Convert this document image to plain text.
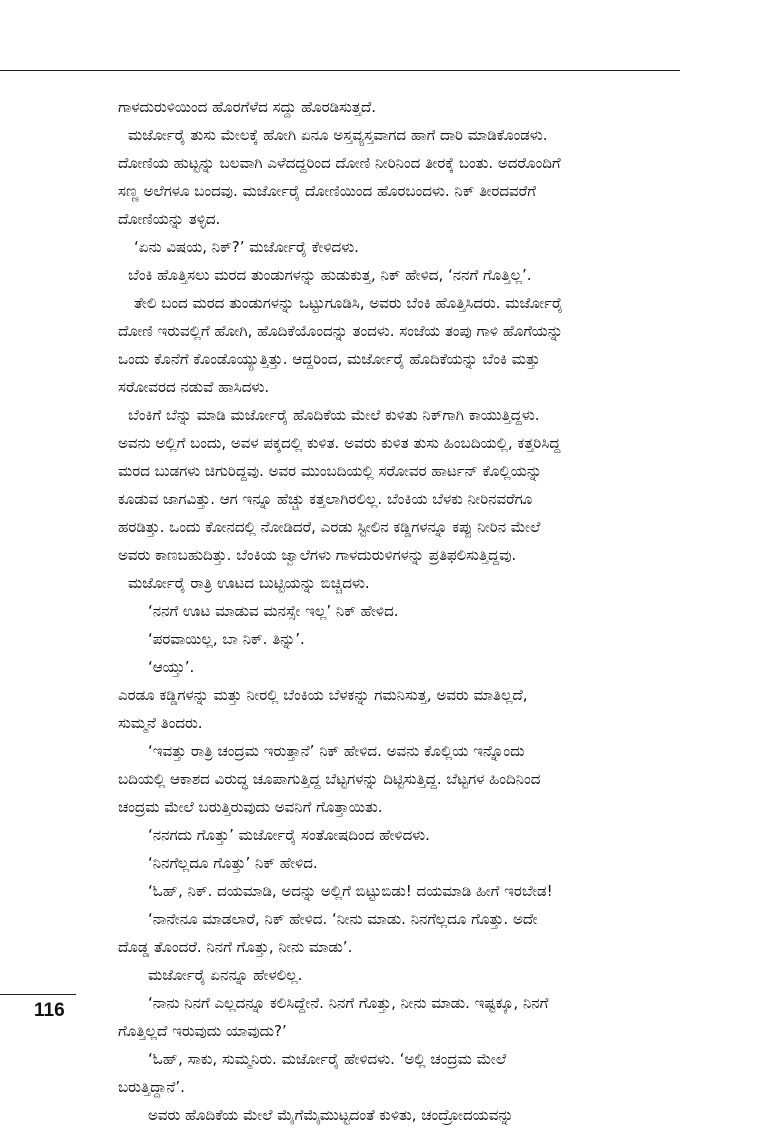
ಗಾಳದುರುಳಿಯಿಂದ ಹೊರಗೆಳೆದ ಸದ್ದು ಹೊರಡಿಸುತ್ತದೆ.
ಮರ್ಜೋರೈ ತುಸು ಮೇಲಕ್ಕೆ ಹೋಗಿ ಏನೂ ಅಸ್ತವ್ಯಸ್ತವಾಗದ ಹಾಗೆ ದಾರಿ ಮಾಡಿಕೊಂಡಳು.
ದೋಣಿಯ ಹುಟ್ಟನ್ನು ಬಲವಾಗಿ ಎಳೆದದ್ದರಿಂದ ದೋಣಿ ನೀರಿನಿಂದ ತೀರಕ್ಕೆ ಬಂತು. ಅದರೊಂದಿಗೆ
ಸಣ್ಣ ಅಲೆಗಳೂ ಬಂದವು. ಮರ್ಜೋರೈ ದೋಣಿಯಿಂದ ಹೊರಬಂದಳು. ನಿಕ್ ತೀರದವರೆಗೆ
ದೋಣಿಯನ್ನು ತಳ್ಳಿದ.
‘ಏನು ವಿಷಯ, ನಿಕ್?’ ಮರ್ಜೋರೈ ಕೇಳಿದಳು.
ಬೆಂಕಿ ಹೊತ್ತಿಸಲು ಮರದ ತುಂಡುಗಳನ್ನು ಹುಡುಕುತ್ತ, ನಿಕ್ ಹೇಳಿದ, ‘ನನಗೆ ಗೊತ್ತಿಲ್ಲ’.
ತೇಲಿ ಬಂದ ಮರದ ತುಂಡುಗಳನ್ನು ಒಟ್ಟುಗೂಡಿಸಿ, ಅವರು ಬೆಂಕಿ ಹೊತ್ತಿಸಿದರು. ಮರ್ಜೋರೈ
ದೋಣಿ ಇರುವಲ್ಲಿಗೆ ಹೋಗಿ, ಹೊದಿಕೆಯೊಂದನ್ನು ತಂದಳು. ಸಂಜೆಯ ತಂಪು ಗಾಳಿ ಹೊಗೆಯನ್ನು
ಒಂದು ಕೊನೆಗೆ ಕೊಂಡೊಯ್ಯುತ್ತಿತ್ತು. ಆದ್ದರಿಂದ, ಮರ್ಜೋರೈ ಹೊದಿಕೆಯನ್ನು ಬೆಂಕಿ ಮತ್ತು
ಸರೋವರದ ನಡುವೆ ಹಾಸಿದಳು.
ಬೆಂಕಿಗೆ ಬೆನ್ನು ಮಾಡಿ ಮರ್ಜೋರೈ ಹೊದಿಕೆಯ ಮೇಲೆ ಕುಳಿತು ನಿಕ್‌ಗಾಗಿ ಕಾಯುತ್ತಿದ್ದಳು.
ಅವನು ಅಲ್ಲಿಗೆ ಬಂದು, ಅವಳ ಪಕ್ಕದಲ್ಲಿ ಕುಳಿತ. ಅವರು ಕುಳಿತ ತುಸು ಹಿಂಬದಿಯಲ್ಲಿ, ಕತ್ತರಿಸಿದ್ದ
ಮರದ ಬುಡಗಳು ಚಿಗುರಿದ್ದವು. ಅವರ ಮುಂಬದಿಯಲ್ಲಿ ಸರೋವರ ಹಾರ್ಟನ್ ಕೊಲ್ಲಿಯನ್ನು
ಕೂಡುವ ಜಾಗವಿತ್ತು. ಆಗ ಇನ್ನೂ ಹೆಚ್ಚು ಕತ್ತಲಾಗಿರಲಿಲ್ಲ. ಬೆಂಕಿಯ ಬೆಳಕು ನೀರಿನವರೆಗೂ
ಹರಡಿತ್ತು. ಒಂದು ಕೋನದಲ್ಲಿ ನೋಡಿದರೆ, ಎರಡು ಸ್ಟೀಲಿನ ಕಡ್ಡಿಗಳನ್ನೂ ಕಪ್ಪು ನೀರಿನ ಮೇಲೆ
ಅವರು ಕಾಣಬಹುದಿತ್ತು. ಬೆಂಕಿಯ ಜ್ವಾಲೆಗಳು ಗಾಳದುರುಳಿಗಳನ್ನು ಪ್ರತಿಫಲಿಸುತ್ತಿದ್ದವು.
ಮರ್ಜೋರೈ ರಾತ್ರಿ ಊಟದ ಬುಟ್ಟಿಯನ್ನು ಬಿಚ್ಚಿದಳು.
‘ನನಗೆ ಊಟ ಮಾಡುವ ಮನಸ್ಸೇ ಇಲ್ಲ’ ನಿಕ್ ಹೇಳಿದ.
‘ಪರವಾಯಿಲ್ಲ, ಬಾ ನಿಕ್. ತಿನ್ನು’.
‘ಆಯ್ತು’.
ಎರಡೂ ಕಡ್ಡಿಗಳನ್ನು ಮತ್ತು ನೀರಲ್ಲಿ ಬೆಂಕಿಯ ಬೆಳಕನ್ನು ಗಮನಿಸುತ್ತ, ಅವರು ಮಾತಿಲ್ಲದೆ,
ಸುಮ್ಮನೆ ತಿಂದರು.
‘ಇವತ್ತು ರಾತ್ರಿ ಚಂದ್ರಮ ಇರುತ್ತಾನೆ’ ನಿಕ್ ಹೇಳಿದ. ಅವನು ಕೊಲ್ಲಿಯ ಇನ್ನೊಂದು
ಬದಿಯಲ್ಲಿ ಆಕಾಶದ ವಿರುದ್ಧ ಚೂಪಾಗುತ್ತಿದ್ದ ಬೆಟ್ಟಗಳನ್ನು ದಿಟ್ಟಿಸುತ್ತಿದ್ದ. ಬೆಟ್ಟಗಳ ಹಿಂದಿನಿಂದ
ಚಂದ್ರಮ ಮೇಲೆ ಬರುತ್ತಿರುವುದು ಅವನಿಗೆ ಗೊತ್ತಾಯಿತು.
‘ನನಗದು ಗೊತ್ತು’ ಮರ್ಜೋರೈ ಸಂತೋಷದಿಂದ ಹೇಳಿದಳು.
‘ನಿನಗೆಲ್ಲದೂ ಗೊತ್ತು’ ನಿಕ್ ಹೇಳಿದ.
‘ಓಹ್, ನಿಕ್. ದಯಮಾಡಿ, ಅದನ್ನು ಅಲ್ಲಿಗೆ ಬಿಟ್ಟುಬಿಡು! ದಯಮಾಡಿ ಹೀಗೆ ಇರಬೇಡ!
‘ನಾನೇನೂ ಮಾಡಲಾರೆ, ನಿಕ್ ಹೇಳಿದ. ‘ನೀನು ಮಾಡು. ನಿನಗೆಲ್ಲದೂ ಗೊತ್ತು. ಅದೇ
ದೊಡ್ಡ ತೊಂದರೆ. ನಿನಗೆ ಗೊತ್ತು, ನೀನು ಮಾಡು’.
ಮರ್ಜೋರೈ ಏನನ್ನೂ ಹೇಳಲಿಲ್ಲ.
‘ನಾನು ನಿನಗೆ ಎಲ್ಲದನ್ನೂ ಕಲಿಸಿದ್ದೇನೆ. ನಿನಗೆ ಗೊತ್ತು, ನೀನು ಮಾಡು. ಇಷ್ಟಕ್ಕೂ, ನಿನಗೆ
ಗೊತ್ತಿಲ್ಲದೆ ಇರುವುದು ಯಾವುದು?’
‘ಓಹ್, ಸಾಕು, ಸುಮ್ಮನಿರು. ಮರ್ಜೋರೈ ಹೇಳಿದಳು. ‘ಅಲ್ಲಿ ಚಂದ್ರಮ ಮೇಲೆ
ಬರುತ್ತಿದ್ದಾನೆ’.
ಅವರು ಹೊದಿಕೆಯ ಮೇಲೆ ಮೈಗೆಮೈಮುಟ್ಟದಂತೆ ಕುಳಿತು, ಚಂದ್ರೋದಯವನ್ನು
116
